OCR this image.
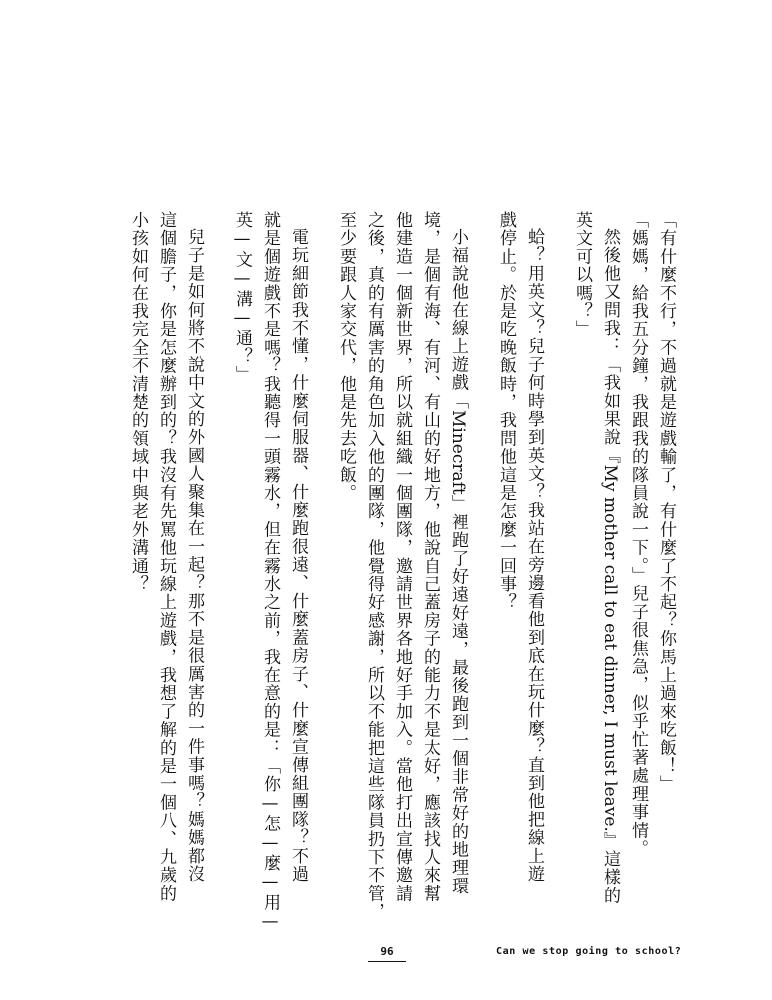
「有什麼不行，不過就是遊戲輸了，有什麼了不起？你馬上過來吃飯！」
「媽媽，給我五分鐘，我跟我的隊員說一下。」兒子很焦急，似乎忙著處理事情。
然後他又問我：「我如果說『My mother call to eat dinner, I must leave.』這樣的
英文可以嗎？」
蛤？用英文？兒子何時學到英文？我站在旁邊看他到底在玩什麼？直到他把線上遊
戲停止。於是吃晚飯時，我問他這是怎麼一回事？
小福說他在線上遊戲「Minecraft」裡跑了好遠好遠，最後跑到一個非常好的地理環
境，是個有海、有河、有山的好地方，他說自己蓋房子的能力不是太好，應該找人來幫
他建造一個新世界，所以就組織一個團隊，邀請世界各地好手加入。當他打出宣傳邀請
之後，真的有厲害的角色加入他的團隊，他覺得好感謝，所以不能把這些隊員扔下不管，
至少要跟人家交代，他是先去吃飯。
電玩細節我不懂，什麼伺服器、什麼跑很遠、什麼蓋房子、什麼宣傳組團隊？不過
就是個遊戲不是嗎？我聽得一頭霧水，但在霧水之前，我在意的是：「你—怎—麼—用—
英—文—溝—通？」
兒子是如何將不說中文的外國人聚集在一起？那不是很厲害的一件事嗎？媽媽都沒
這個膽子，你是怎麼辦到的？我沒有先罵他玩線上遊戲，我想了解的是一個八、九歲的
小孩如何在我完全不清楚的領域中與老外溝通？
96	Can we stop going to school?
